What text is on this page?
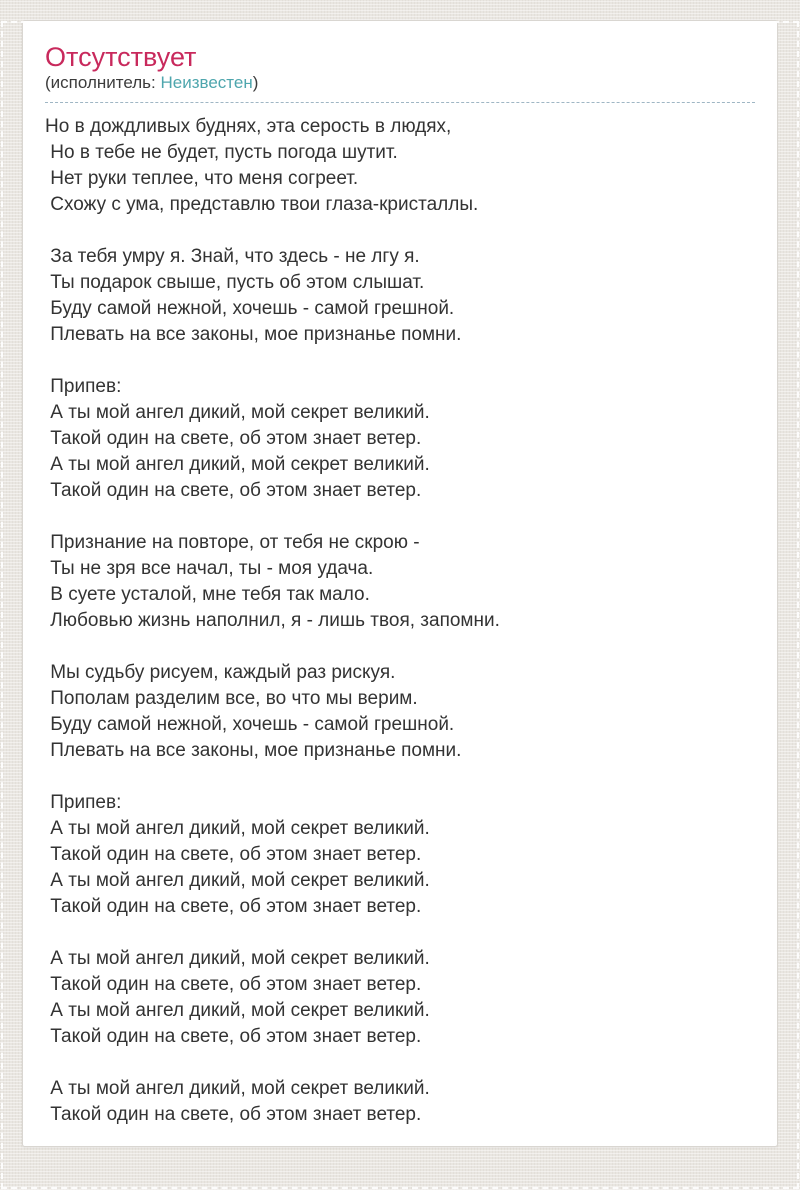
Отсутствует
(исполнитель: Неизвестен)
Но в дождливых буднях, эта серость в людях,
Но в тебе не будет, пусть погода шутит.
Нет руки теплее, что меня согреет.
Схожу с ума, представлю твои глаза-кристаллы.
За тебя умру я. Знай, что здесь - не лгу я.
Ты подарок свыше, пусть об этом слышат.
Буду самой нежной, хочешь - самой грешной.
Плевать на все законы, мое признанье помни.
Припев:
А ты мой ангел дикий, мой секрет великий.
Такой один на свете, об этом знает ветер.
А ты мой ангел дикий, мой секрет великий.
Такой один на свете, об этом знает ветер.
Признание на повторе, от тебя не скрою -
Ты не зря все начал, ты - моя удача.
В суете усталой, мне тебя так мало.
Любовью жизнь наполнил, я - лишь твоя, запомни.
Мы судьбу рисуем, каждый раз рискуя.
Пополам разделим все, во что мы верим.
Буду самой нежной, хочешь - самой грешной.
Плевать на все законы, мое признанье помни.
Припев:
А ты мой ангел дикий, мой секрет великий.
Такой один на свете, об этом знает ветер.
А ты мой ангел дикий, мой секрет великий.
Такой один на свете, об этом знает ветер.
А ты мой ангел дикий, мой секрет великий.
Такой один на свете, об этом знает ветер.
А ты мой ангел дикий, мой секрет великий.
Такой один на свете, об этом знает ветер.
А ты мой ангел дикий, мой секрет великий.
Такой один на свете, об этом знает ветер.
